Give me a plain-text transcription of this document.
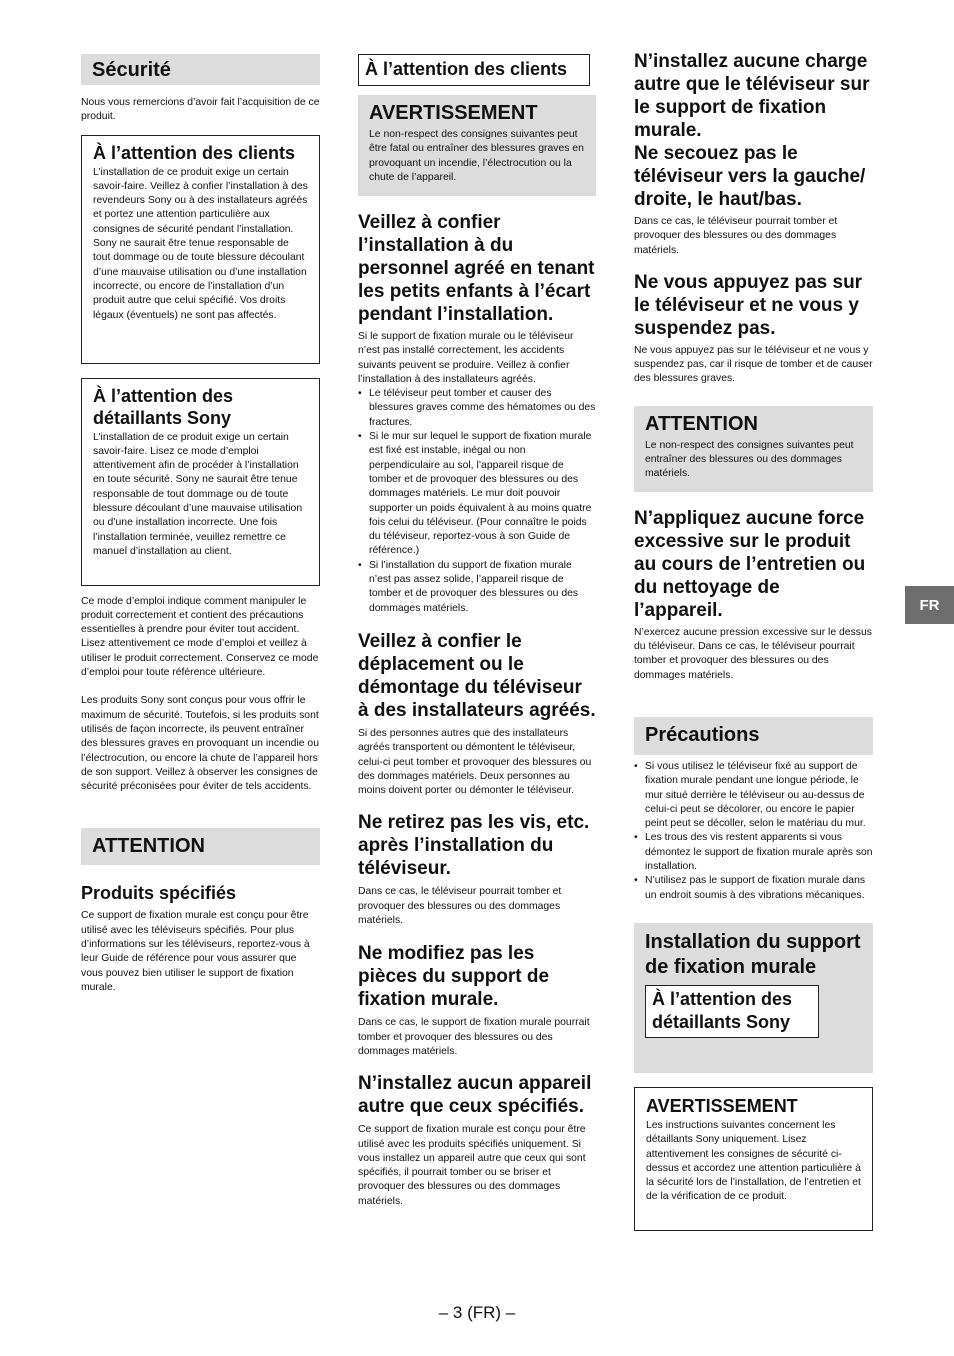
Sécurité

Nous vous remercions d’avoir fait l’acquisition de ce produit.

À l’attention des clients

L’installation de ce produit exige un certain savoir-faire. Veillez à confier l’installation à des revendeurs Sony ou à des installateurs agréés et portez une attention particulière aux consignes de sécurité pendant l’installation. Sony ne saurait être tenue responsable de tout dommage ou de toute blessure découlant d’une mauvaise utilisation ou d’une installation incorrecte, ou encore de l’installation d’un produit autre que celui spécifié. Vos droits légaux (éventuels) ne sont pas affectés.

À l’attention des détaillants Sony

L’installation de ce produit exige un certain savoir-faire. Lisez ce mode d’emploi attentivement afin de procéder à l’installation en toute sécurité. Sony ne saurait être tenue responsable de tout dommage ou de toute blessure découlant d’une mauvaise utilisation ou d’une installation incorrecte. Une fois l’installation terminée, veuillez remettre ce manuel d’installation au client.

Ce mode d’emploi indique comment manipuler le produit correctement et contient des précautions essentielles à prendre pour éviter tout accident. Lisez attentivement ce mode d’emploi et veillez à utiliser le produit correctement. Conservez ce mode d’emploi pour toute référence ultérieure.

Les produits Sony sont conçus pour vous offrir le maximum de sécurité. Toutefois, si les produits sont utilisés de façon incorrecte, ils peuvent entraîner des blessures graves en provoquant un incendie ou l’électrocution, ou encore la chute de l’appareil hors de son support. Veillez à observer les consignes de sécurité préconisées pour éviter de tels accidents.

ATTENTION
Produits spécifiés

Ce support de fixation murale est conçu pour être utilisé avec les téléviseurs spécifiés. Pour plus d’informations sur les téléviseurs, reportez-vous à leur Guide de référence pour vous assurer que vous pouvez bien utiliser le support de fixation murale.

À l’attention des clients
AVERTISSEMENT

Le non-respect des consignes suivantes peut être fatal ou entraîner des blessures graves en provoquant un incendie, l’électrocution ou la chute de l’appareil.

Veillez à confier l’installation à du personnel agréé en tenant les petits enfants à l’écart pendant l’installation.

Si le support de fixation murale ou le téléviseur n’est pas installé correctement, les accidents suivants peuvent se produire. Veillez à confier l’installation à des installateurs agréés.

• Le téléviseur peut tomber et causer des blessures graves comme des hématomes ou des fractures.
• Si le mur sur lequel le support de fixation murale est fixé est instable, inégal ou non perpendiculaire au sol, l’appareil risque de tomber et de provoquer des blessures ou des dommages matériels. Le mur doit pouvoir supporter un poids équivalent à au moins quatre fois celui du téléviseur. (Pour connaître le poids du téléviseur, reportez-vous à son Guide de référence.)
• Si l’installation du support de fixation murale n’est pas assez solide, l’appareil risque de tomber et de provoquer des blessures ou des dommages matériels.
Veillez à confier le déplacement ou le démontage du téléviseur à des installateurs agréés.

Si des personnes autres que des installateurs agréés transportent ou démontent le téléviseur, celui-ci peut tomber et provoquer des blessures ou des dommages matériels. Deux personnes au moins doivent porter ou démonter le téléviseur.

Ne retirez pas les vis, etc. après l’installation du téléviseur.

Dans ce cas, le téléviseur pourrait tomber et provoquer des blessures ou des dommages matériels.

Ne modifiez pas les pièces du support de fixation murale.

Dans ce cas, le support de fixation murale pourrait tomber et provoquer des blessures ou des dommages matériels.

N’installez aucun appareil autre que ceux spécifiés.

Ce support de fixation murale est conçu pour être utilisé avec les produits spécifiés uniquement. Si vous installez un appareil autre que ceux qui sont spécifiés, il pourrait tomber ou se briser et provoquer des blessures ou des dommages matériels.

N’installez aucune charge autre que le téléviseur sur le support de fixation murale.
Ne secouez pas le téléviseur vers la gauche/ droite, le haut/bas.

Dans ce cas, le téléviseur pourrait tomber et provoquer des blessures ou des dommages matériels.

Ne vous appuyez pas sur le téléviseur et ne vous y suspendez pas.

Ne vous appuyez pas sur le téléviseur et ne vous y suspendez pas, car il risque de tomber et de causer des blessures graves.

ATTENTION

Le non-respect des consignes suivantes peut entraîner des blessures ou des dommages matériels.

N’appliquez aucune force excessive sur le produit au cours de l’entretien ou du nettoyage de l’appareil.

N’exercez aucune pression excessive sur le dessus du téléviseur. Dans ce cas, le téléviseur pourrait tomber et provoquer des blessures ou des dommages matériels.

Précautions
• Si vous utilisez le téléviseur fixé au support de fixation murale pendant une longue période, le mur situé derrière le téléviseur ou au-dessus de celui-ci peut se décolorer, ou encore le papier peint peut se décoller, selon le matériau du mur.
• Les trous des vis restent apparents si vous démontez le support de fixation murale après son installation.
• N’utilisez pas le support de fixation murale dans un endroit soumis à des vibrations mécaniques.
Installation du support de fixation murale
À l’attention des détaillants Sony
AVERTISSEMENT

Les instructions suivantes concernent les détaillants Sony uniquement. Lisez attentivement les consignes de sécurité ci-dessus et accordez une attention particulière à la sécurité lors de l’installation, de l’entretien et de la vérification de ce produit.

FR
– 3 (FR) –
